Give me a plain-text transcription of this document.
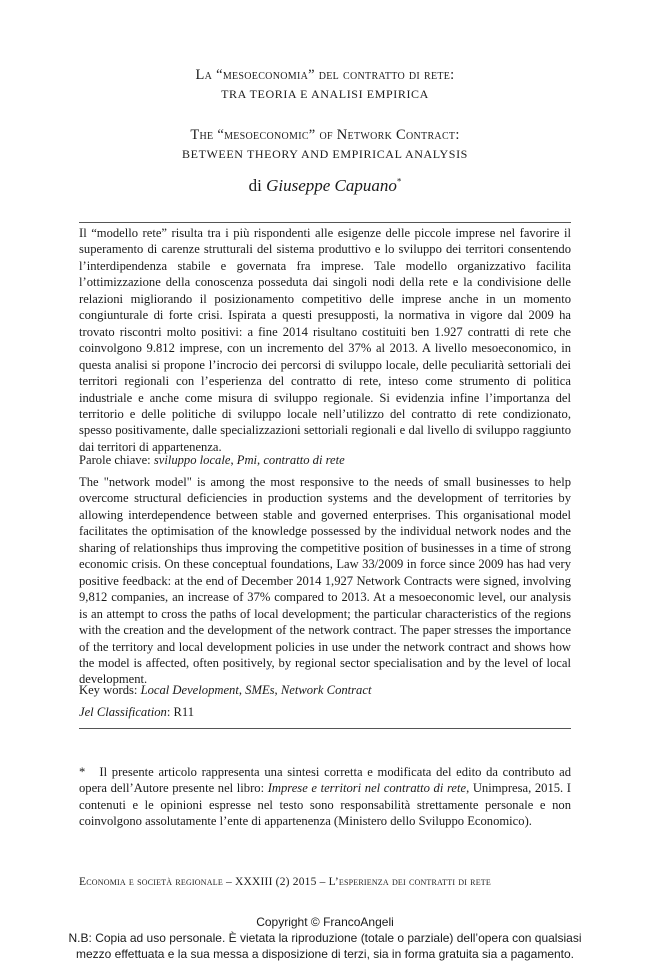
La “mesoeconomia” del contratto di rete:
TRA TEORIA E ANALISI EMPIRICA
The “mesoeconomic” of Network Contract:
BETWEEN THEORY AND EMPIRICAL ANALYSIS
di Giuseppe Capuano*

Il “modello rete” risulta tra i più rispondenti alle esigenze delle piccole imprese nel favorire il superamento di carenze strutturali del sistema produttivo e lo sviluppo dei territori consentendo l’interdipendenza stabile e governata fra imprese. Tale modello organizzativo facilita l’ottimizzazione della conoscenza posseduta dai singoli nodi della rete e la condivisione delle relazioni migliorando il posizionamento competitivo delle imprese anche in un momento congiunturale di forte crisi. Ispirata a questi presupposti, la normativa in vigore dal 2009 ha trovato riscontri molto positivi: a fine 2014 risultano costituiti ben 1.927 contratti di rete che coinvolgono 9.812 imprese, con un incremento del 37% al 2013. A livello mesoeconomico, in questa analisi si propone l’incrocio dei percorsi di sviluppo locale, delle peculiarità settoriali dei territori regionali con l’esperienza del contratto di rete, inteso come strumento di politica industriale e anche come misura di sviluppo regionale. Si evidenzia infine l’importanza del territorio e delle politiche di sviluppo locale nell’utilizzo del contratto di rete condizionato, spesso positivamente, dalle specializzazioni settoriali regionali e dal livello di sviluppo raggiunto dai territori di appartenenza.

Parole chiave: sviluppo locale, Pmi, contratto di rete

The "network model" is among the most responsive to the needs of small businesses to help overcome structural deficiencies in production systems and the development of territories by allowing interdependence between stable and governed enterprises. This organisational model facilitates the optimisation of the knowledge possessed by the individual network nodes and the sharing of relationships thus improving the competitive position of businesses in a time of strong economic crisis. On these conceptual foundations, Law 33/2009 in force since 2009 has had very positive feedback: at the end of December 2014 1,927 Network Contracts were signed, involving 9,812 companies, an increase of 37% compared to 2013. At a mesoeconomic level, our analysis is an attempt to cross the paths of local development; the particular characteristics of the regions with the creation and the development of the network contract. The paper stresses the importance of the territory and local development policies in use under the network contract and shows how the model is affected, often positively, by regional sector specialisation and by the level of local development.

Key words: Local Development, SMEs, Network Contract
Jel Classification: R11

* Il presente articolo rappresenta una sintesi corretta e modificata del edito da contributo ad opera dell’Autore presente nel libro: Imprese e territori nel contratto di rete, Unimpresa, 2015. I contenuti e le opinioni espresse nel testo sono responsabilità strettamente personale e non coinvolgono assolutamente l’ente di appartenenza (Ministero dello Sviluppo Economico).

Economia e società regionale – XXXIII (2) 2015 – L’esperienza dei contratti di rete
Copyright © FrancoAngeli
N.B: Copia ad uso personale. È vietata la riproduzione (totale o parziale) dell’opera con qualsiasi
mezzo effettuata e la sua messa a disposizione di terzi, sia in forma gratuita sia a pagamento.
